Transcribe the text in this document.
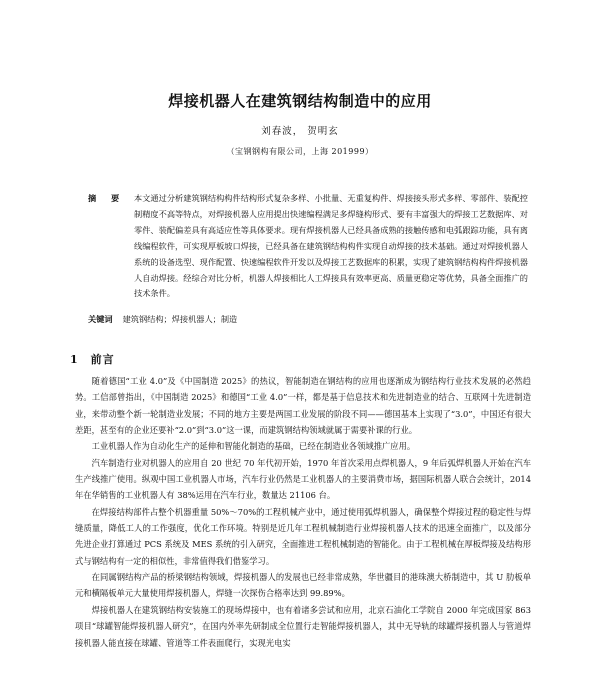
焊接机器人在建筑钢结构制造中的应用
刘春波， 贺明玄
（宝钢钢构有限公司，上海 201999）
摘 要 本文通过分析建筑钢结构构件结构形式复杂多样、小批量、无重复构件、焊接接头形式多样、零部件、装配控制精度不高等特点，对焊接机器人应用提出快速编程满足多焊缝构形式、要有丰富强大的焊接工艺数据库、对零件、装配偏差具有高适应性等具体要求。现有焊接机器人已经具备成熟的接触传感和电弧跟踪功能，具有离线编程软件，可实现厚板坡口焊接，已经具备在建筑钢结构构件实现自动焊接的技术基础。通过对焊接机器人系统的设备选型、现作配置、快速编程软件开发以及焊接工艺数据库的积累，实现了建筑钢结构构件焊接机器人自动焊接。经综合对比分析，机器人焊接相比人工焊接具有效率更高、质量更稳定等优势，具备全面推广的技术条件。
关键词 建筑钢结构；焊接机器人；制造
1 前言

随着德国“工业 4.0”及《中国制造 2025》的热议，智能制造在钢结构的应用也逐渐成为钢结构行业技术发展的必然趋势。工信部曾指出，《中国制造 2025》和德国“工业 4.0”一样，都是基于信息技术和先进制造业的结合、互联网十先进制造业，来带动整个新一轮制造业发展；不同的地方主要是两国工业发展的阶段不同——德国基本上实现了“3.0”，中国还有很大差距，甚至有的企业还要补“2.0”到“3.0”这一课，而建筑钢结构领域就属于需要补课的行业。

工业机器人作为自动化生产的延伸和智能化制造的基础，已经在制造业各领域推广应用。

汽车制造行业对机器人的应用自 20 世纪 70 年代初开始，1970 年首次采用点焊机器人，9 年后弧焊机器人开始在汽车生产线推广使用。纵观中国工业机器人市场，汽车行业仍然是工业机器人的主要消费市场，据国际机器人联合会统计，2014 年在华销售的工业机器人有 38%运用在汽车行业，数量达 21106 台。

在焊接结构部件占整个机器重量 50%～70%的工程机械产业中，通过使用弧焊机器人，确保整个焊接过程的稳定性与焊缝质量，降低工人的工作强度，优化工作环境。特别是近几年工程机械制造行业焊接机器人技术的迅速全面推广，以及部分先进企业打算通过 PCS 系统及 MES 系统的引入研究，全面推进工程机械制造的智能化。由于工程机械在厚板焊接及结构形式与钢结构有一定的相似性，非常值得我们借鉴学习。

在同属钢结构产品的桥梁钢结构领域，焊接机器人的发展也已经非常成熟，华世疆目的港珠澳大桥制造中，其 U 肋板单元和横隔板单元大量使用焊接机器人，焊缝一次探伤合格率达到 99.89%。

焊接机器人在建筑钢结构安装施工的现场焊接中，也有着诸多尝试和应用，北京石油化工学院自 2000 年完成国家 863 项目“球罐智能焊接机器人研究”，在国内外率先研制成全位置行走智能焊接机器人，其中无导轨的球罐焊接机器人与管道焊接机器人能直接在球罐、管道等工件表面爬行，实现光电实
